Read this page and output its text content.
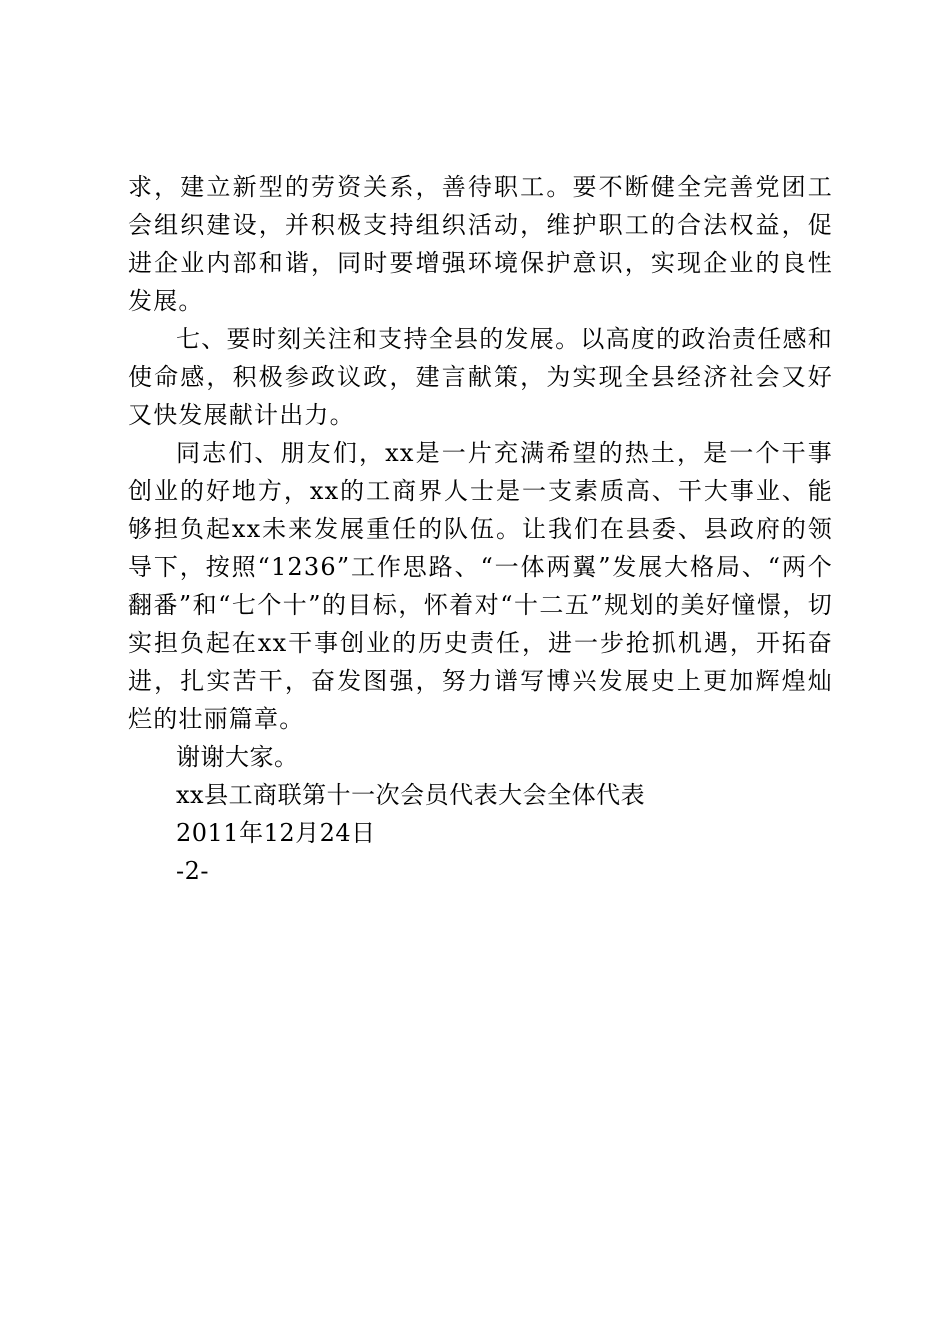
求，建立新型的劳资关系，善待职工。要不断健全完善党团工会组织建设，并积极支持组织活动，维护职工的合法权益，促进企业内部和谐，同时要增强环境保护意识，实现企业的良性发展。

七、要时刻关注和支持全县的发展。以高度的政治责任感和使命感，积极参政议政，建言献策，为实现全县经济社会又好又快发展献计出力。

同志们、朋友们，xx是一片充满希望的热土，是一个干事创业的好地方，xx的工商界人士是一支素质高、干大事业、能够担负起xx未来发展重任的队伍。让我们在县委、县政府的领导下，按照“1236”工作思路、“一体两翼”发展大格局、“两个翻番”和“七个十”的目标，怀着对“十二五”规划的美好憧憬，切实担负起在xx干事创业的历史责任，进一步抢抓机遇，开拓奋进，扎实苦干，奋发图强，努力谱写博兴发展史上更加辉煌灿烂的壮丽篇章。

谢谢大家。

xx县工商联第十一次会员代表大会全体代表

2011年12月24日

-2-
